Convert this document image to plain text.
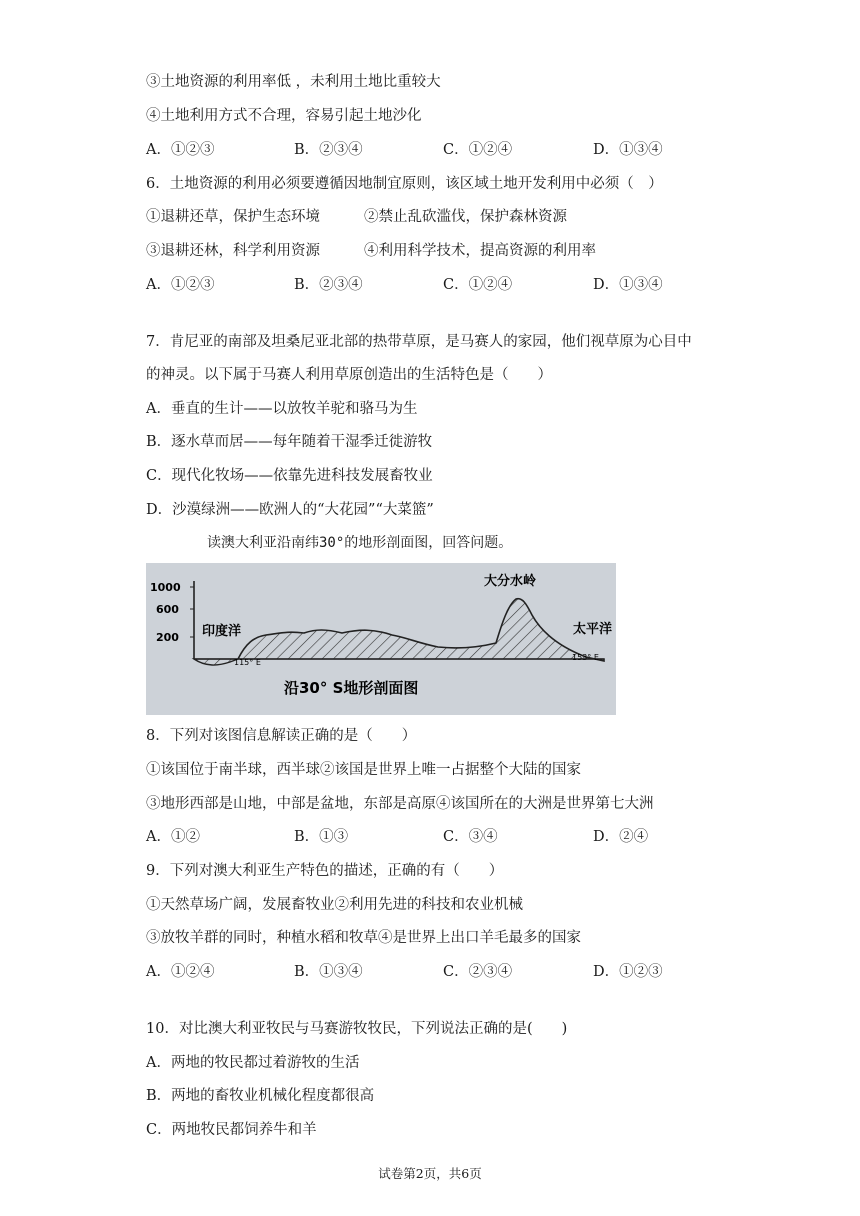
③土地资源的利用率低 ，未利用土地比重较大
④土地利用方式不合理，容易引起土地沙化
A．①②③	B．②③④	C．①②④	D．①③④
6．土地资源的利用必须要遵循因地制宜原则，该区域土地开发利用中必须（　）
①退耕还草，保护生态环境	②禁止乱砍滥伐，保护森林资源
③退耕还林，科学利用资源	④利用科学技术，提高资源的利用率
A．①②③	B．②③④	C．①②④	D．①③④
7．肯尼亚的南部及坦桑尼亚北部的热带草原，是马赛人的家园，他们视草原为心目中
的神灵。以下属于马赛人利用草原创造出的生活特色是（　　）
A．垂直的生计——以放牧羊驼和骆马为生
B．逐水草而居——每年随着干湿季迁徙游牧
C．现代化牧场——依靠先进科技发展畜牧业
D．沙漠绿洲——欧洲人的“大花园”“大菜篮”
读澳大利亚沿南纬30°的地形剖面图，回答问题。
1000
600
200 印度洋	太平洋
大分水岭
115° E
153° E
沿30° S地形剖面图
8．下列对该图信息解读正确的是（　　）
①该国位于南半球，西半球②该国是世界上唯一占据整个大陆的国家
③地形西部是山地，中部是盆地，东部是高原④该国所在的大洲是世界第七大洲
A．①②	B．①③	C．③④	D．②④
9．下列对澳大利亚生产特色的描述，正确的有（　　）
①天然草场广阔，发展畜牧业②利用先进的科技和农业机械
③放牧羊群的同时，种植水稻和牧草④是世界上出口羊毛最多的国家
A．①②④	B．①③④	C．②③④	D．①②③
10．对比澳大利亚牧民与马赛游牧牧民，下列说法正确的是(　　)
A．两地的牧民都过着游牧的生活
B．两地的畜牧业机械化程度都很高
C．两地牧民都饲养牛和羊
试卷第2页，共6页
